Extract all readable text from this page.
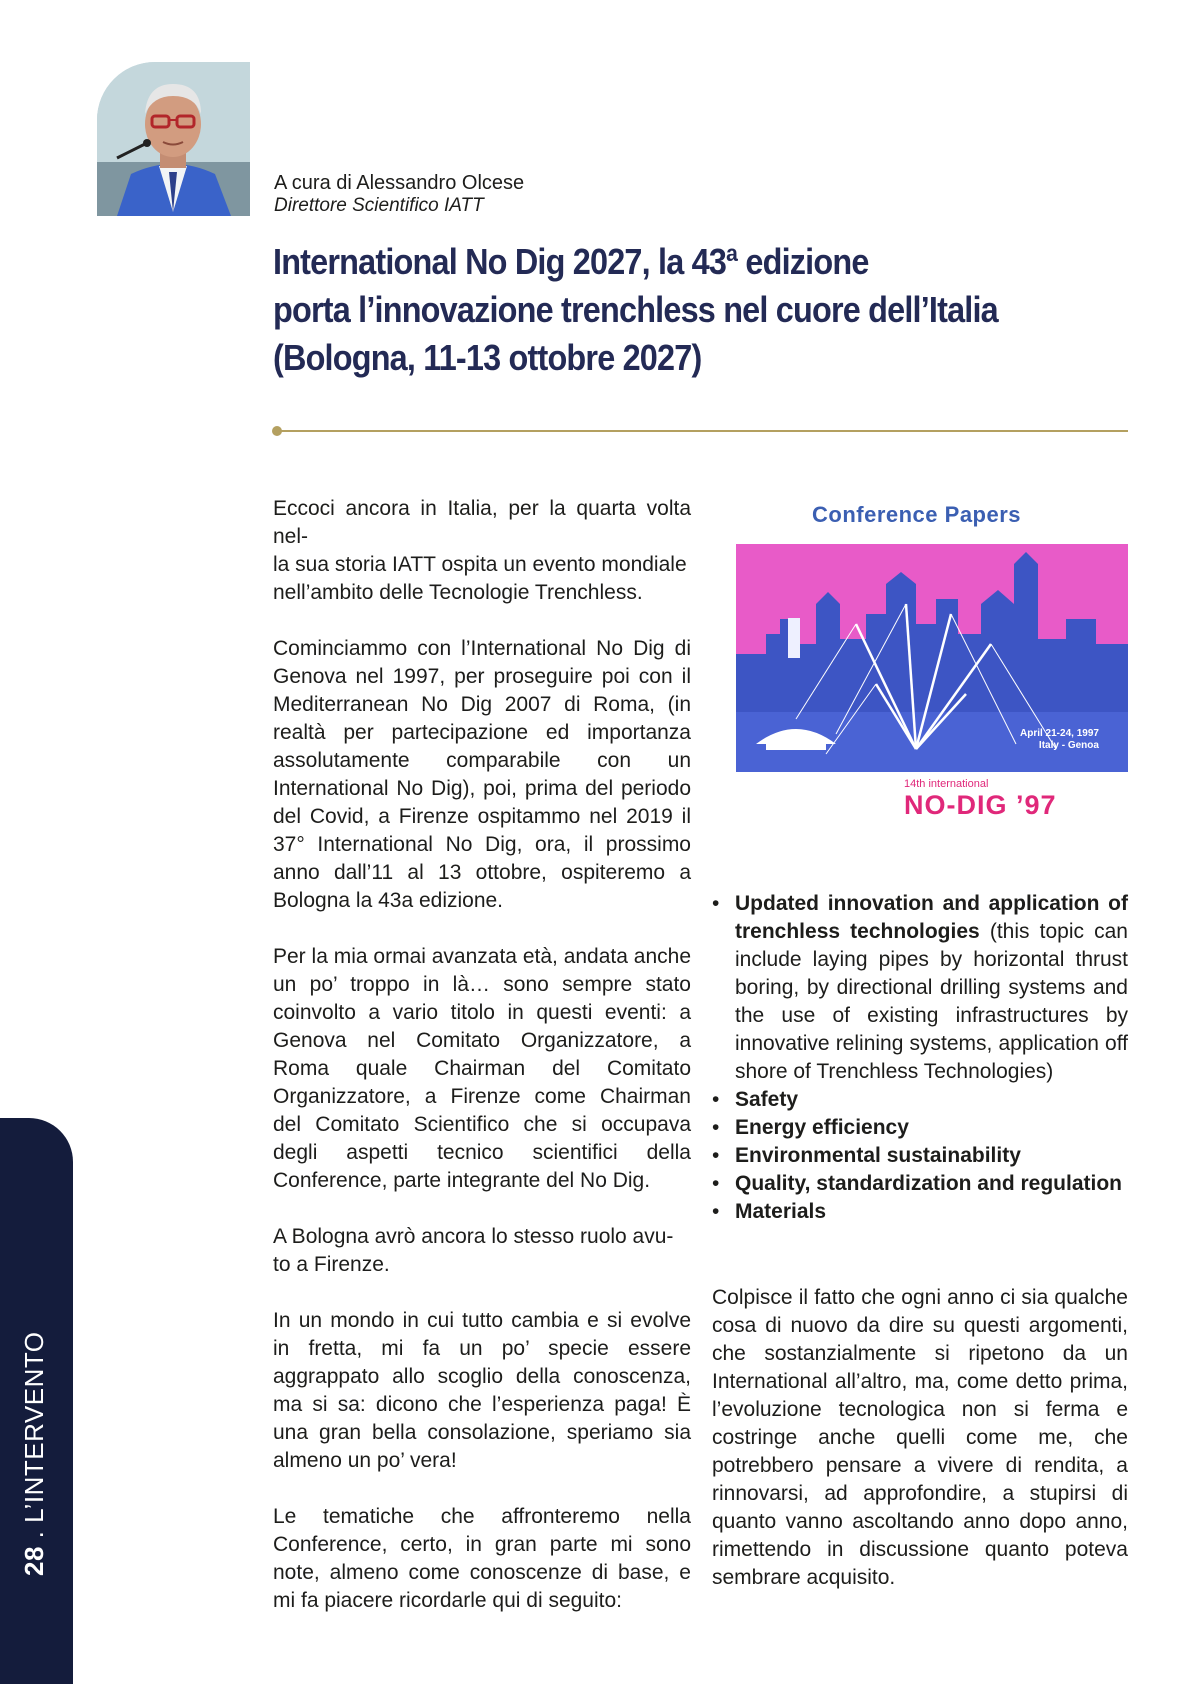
A cura di Alessandro Olcese
Direttore Scientifico IATT
International No Dig 2027, la 43ª edizione
porta l’innovazione trenchless nel cuore dell’Italia
(Bologna, 11-13 ottobre 2027)

Eccoci ancora in Italia, per la quarta volta nel-
la sua storia IATT ospita un evento mondiale
nell’ambito delle Tecnologie Trenchless.

Cominciammo con l’International No Dig di Genova nel 1997, per proseguire poi con il Mediterranean No Dig 2007 di Roma, (in realtà per partecipazione ed importanza assolutamente comparabile con un International No Dig), poi, prima del periodo del Covid, a Firenze ospitammo nel 2019 il 37° International No Dig, ora, il prossimo anno dall’11 al 13 ottobre, ospiteremo a Bologna la 43a edizione.

Per la mia ormai avanzata età, andata anche un po’ troppo in là… sono sempre stato coinvolto a vario titolo in questi eventi: a Genova nel Comitato Organizzatore, a Roma quale Chairman del Comitato Organizzatore, a Firenze come Chairman del Comitato Scientifico che si occupava degli aspetti tecnico scientifici della Conference, parte integrante del No Dig.

A Bologna avrò ancora lo stesso ruolo avu-
to a Firenze.

In un mondo in cui tutto cambia e si evolve in fretta, mi fa un po’ specie essere aggrappato allo scoglio della conoscenza, ma si sa: dicono che l’esperienza paga! È una gran bella consolazione, speriamo sia almeno un po’ vera!

Le tematiche che affronteremo nella Conference, certo, in gran parte mi sono note, almeno come conoscenze di base, e mi fa piacere ricordarle qui di seguito:

Conference Papers
April 21-24, 1997
Italy - Genoa
14th international
NO-DIG ’97
• Updated innovation and application of trenchless technologies (this topic can include laying pipes by horizontal thrust boring, by directional drilling systems and the use of existing infrastructures by innovative relining systems, application off shore of Trenchless Technologies)
• Safety
• Energy efficiency
• Environmental sustainability
• Quality, standardization and regulation
• Materials

Colpisce il fatto che ogni anno ci sia qualche cosa di nuovo da dire su questi argomenti, che sostanzialmente si ripetono da un International all’altro, ma, come detto prima, l’evoluzione tecnologica non si ferma e costringe anche quelli come me, che potrebbero pensare a vivere di rendita, a rinnovarsi, ad approfondire, a stupirsi di quanto vanno ascoltando anno dopo anno, rimettendo in discussione quanto poteva sembrare acquisito.

28 . L’INTERVENTO
